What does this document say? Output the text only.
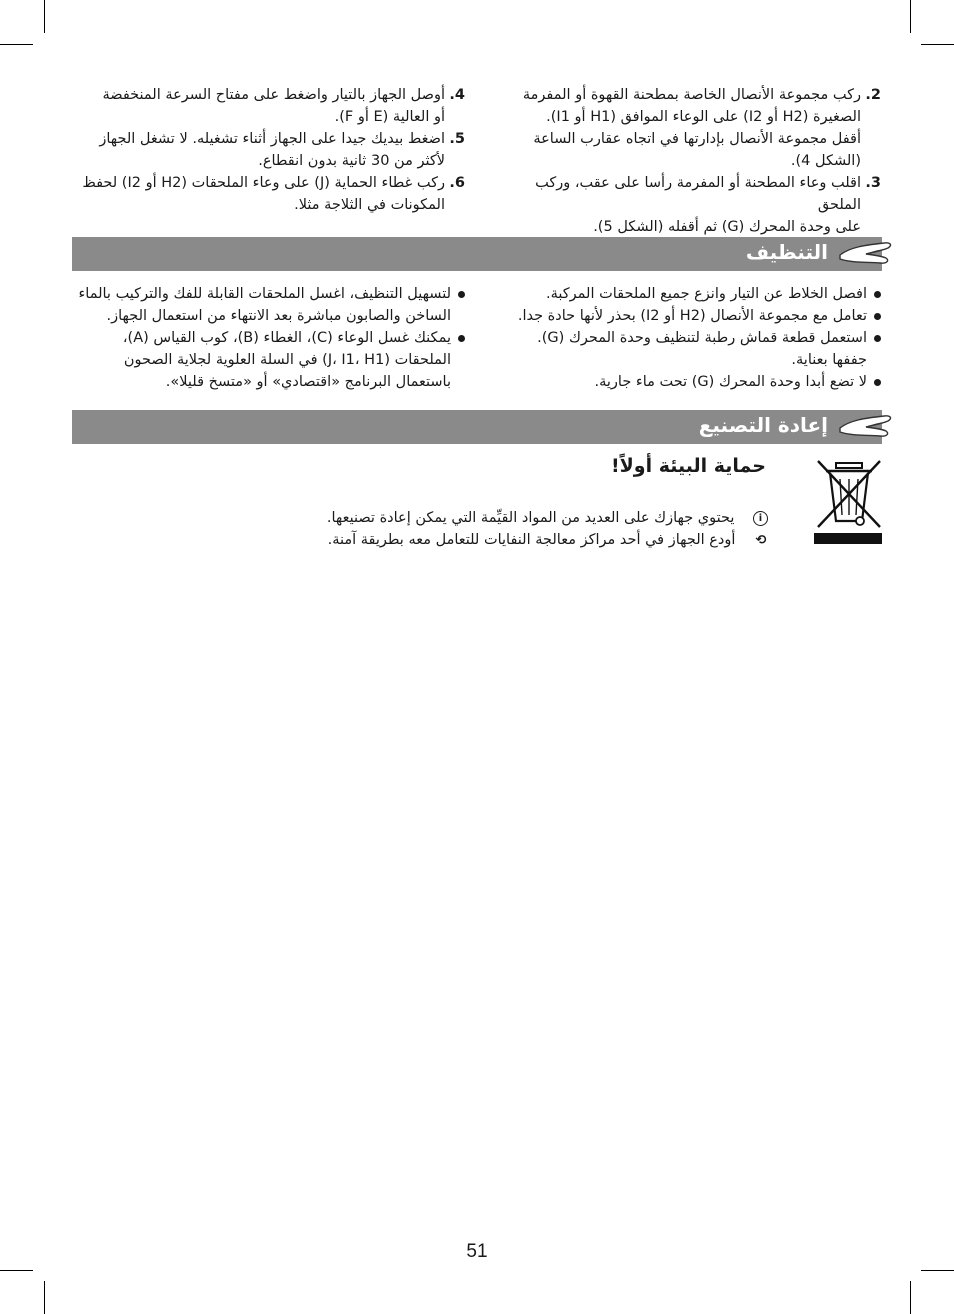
2.
ركب مجموعة الأنصال الخاصة بمطحنة القهوة أو المفرمة
الصغيرة (H2 أو I2) على الوعاء الموافق (H1 أو I1).
أقفل مجموعة الأنصال بإدارتها في اتجاه عقارب الساعة
(الشكل 4).
3.
اقلب وعاء المطحنة أو المفرمة رأسا على عقب، وركب الملحق
على وحدة المحرك (G) ثم أقفله (الشكل 5).
4.
أوصل الجهاز بالتيار واضغط على مفتاح السرعة المنخفضة
أو العالية (E أو F).
5.
اضغط بيديك جيدا على الجهاز أثناء تشغيله. لا تشغل الجهاز
لأكثر من 30 ثانية بدون انقطاع.
6.
ركب غطاء الحماية (J) على وعاء الملحقات (H2 أو I2) لحفظ
المكونات في الثلاجة مثلا.
التنظيف
افصل الخلاط عن التيار وانزع جميع الملحقات المركبة.
تعامل مع مجموعة الأنصال (H2 أو I2) بحذر لأنها حادة جدا.
استعمل قطعة قماش رطبة لتنظيف وحدة المحرك (G).
جففها بعناية.
لا تضع أبدا وحدة المحرك (G) تحت ماء جارية.
لتسهيل التنظيف، اغسل الملحقات القابلة للفك والتركيب بالماء
الساخن والصابون مباشرة بعد الانتهاء من استعمال الجهاز.
يمكنك غسل الوعاء (C)، الغطاء (B)، كوب القياس (A)،
الملحقات (J، I1، H1) في السلة العلوية لجلاية الصحون
باستعمال البرنامج «اقتصادي» أو «متسخ قليلا».
إعادة التصنيع
حماية البيئة أولاً!
i يحتوي جهازك على العديد من المواد القيِّمة التي يمكن إعادة تصنيعها.
⟲ أودع الجهاز في أحد مراكز معالجة النفايات للتعامل معه بطريقة آمنة.
51
